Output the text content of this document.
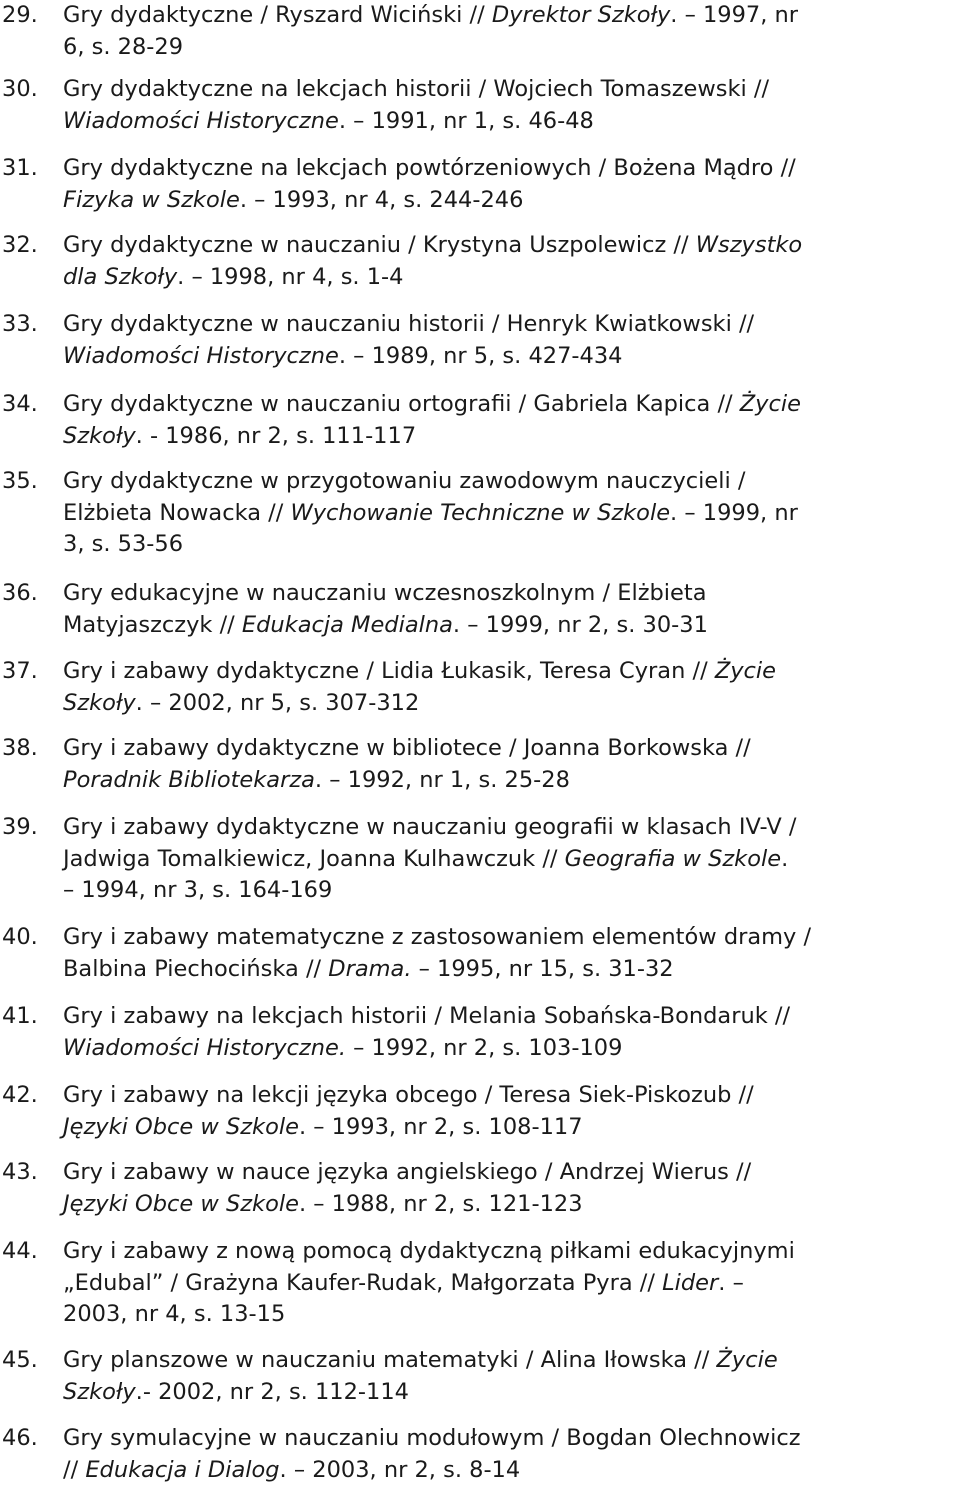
29. Gry dydaktyczne / Ryszard Wiciński // Dyrektor Szkoły. – 1997, nr
6, s. 28-29
30. Gry dydaktyczne na lekcjach historii / Wojciech Tomaszewski //
Wiadomości Historyczne. – 1991, nr 1, s. 46-48
31. Gry dydaktyczne na lekcjach powtórzeniowych / Bożena Mądro //
Fizyka w Szkole. – 1993, nr 4, s. 244-246
32. Gry dydaktyczne w nauczaniu / Krystyna Uszpolewicz // Wszystko
dla Szkoły. – 1998, nr 4, s. 1-4
33. Gry dydaktyczne w nauczaniu historii / Henryk Kwiatkowski //
Wiadomości Historyczne. – 1989, nr 5, s. 427-434
34. Gry dydaktyczne w nauczaniu ortografii / Gabriela Kapica // Życie
Szkoły. - 1986, nr 2, s. 111-117
35. Gry dydaktyczne w przygotowaniu zawodowym nauczycieli /
Elżbieta Nowacka // Wychowanie Techniczne w Szkole. – 1999, nr
3, s. 53-56
36. Gry edukacyjne w nauczaniu wczesnoszkolnym / Elżbieta
Matyjaszczyk // Edukacja Medialna. – 1999, nr 2, s. 30-31
37. Gry i zabawy dydaktyczne / Lidia Łukasik, Teresa Cyran // Życie
Szkoły. – 2002, nr 5, s. 307-312
38. Gry i zabawy dydaktyczne w bibliotece / Joanna Borkowska //
Poradnik Bibliotekarza. – 1992, nr 1, s. 25-28
39. Gry i zabawy dydaktyczne w nauczaniu geografii w klasach IV-V /
Jadwiga Tomalkiewicz, Joanna Kulhawczuk // Geografia w Szkole.
– 1994, nr 3, s. 164-169
40. Gry i zabawy matematyczne z zastosowaniem elementów dramy /
Balbina Piechocińska // Drama. – 1995, nr 15, s. 31-32
41. Gry i zabawy na lekcjach historii / Melania Sobańska-Bondaruk //
Wiadomości Historyczne. – 1992, nr 2, s. 103-109
42. Gry i zabawy na lekcji języka obcego / Teresa Siek-Piskozub //
Języki Obce w Szkole. – 1993, nr 2, s. 108-117
43. Gry i zabawy w nauce języka angielskiego / Andrzej Wierus //
Języki Obce w Szkole. – 1988, nr 2, s. 121-123
44. Gry i zabawy z nową pomocą dydaktyczną piłkami edukacyjnymi
„Edubal” / Grażyna Kaufer-Rudak, Małgorzata Pyra // Lider. –
2003, nr 4, s. 13-15
45. Gry planszowe w nauczaniu matematyki / Alina Iłowska // Życie
Szkoły.- 2002, nr 2, s. 112-114
46. Gry symulacyjne w nauczaniu modułowym / Bogdan Olechnowicz
// Edukacja i Dialog. – 2003, nr 2, s. 8-14
